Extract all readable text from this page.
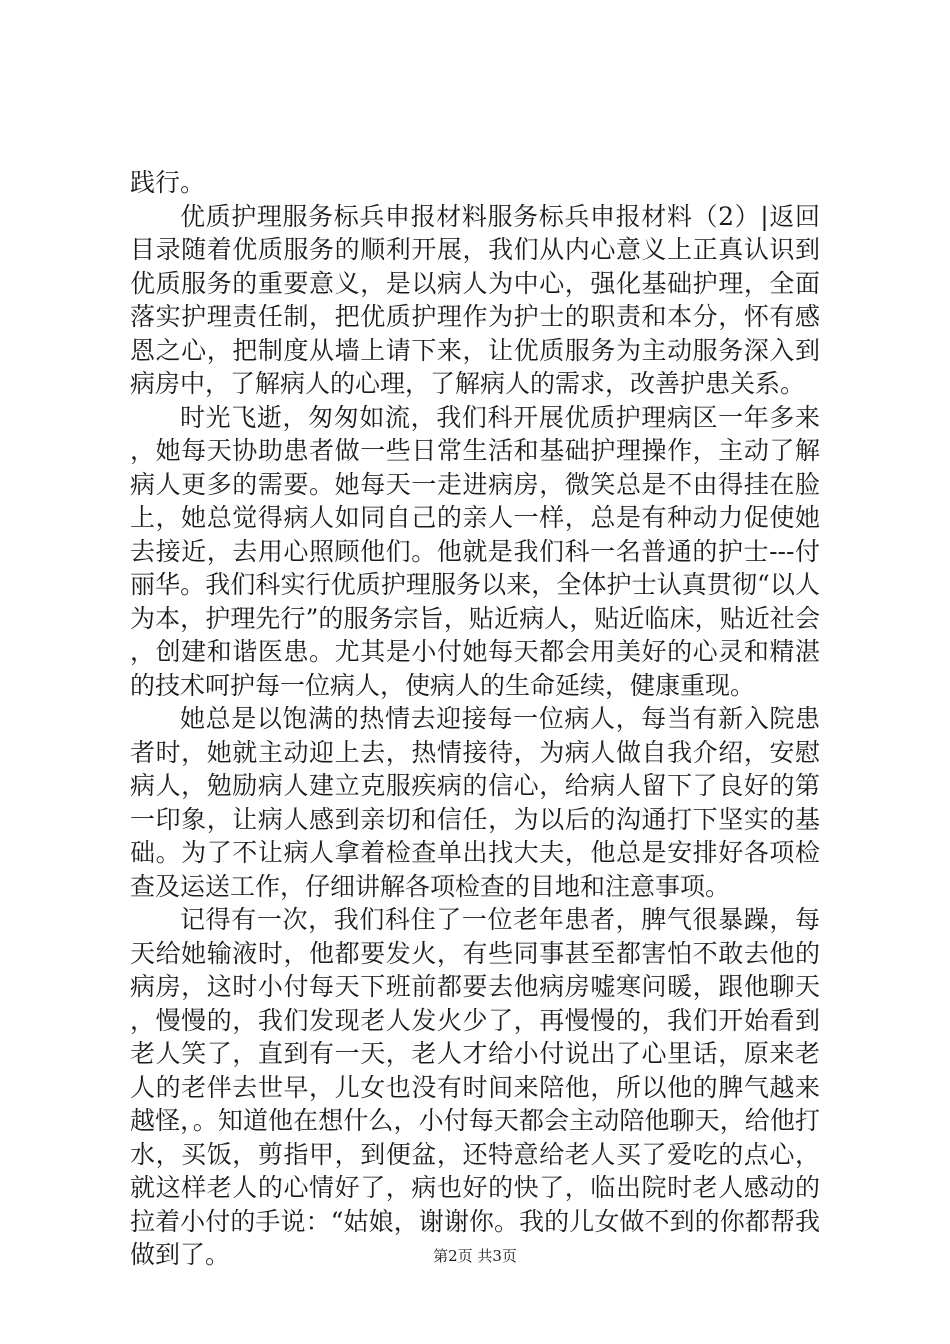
践行。

优质护理服务标兵申报材料服务标兵申报材料（2）|返回目录随着优质服务的顺利开展，我们从内心意义上正真认识到优质服务的重要意义，是以病人为中心，强化基础护理，全面落实护理责任制，把优质护理作为护士的职责和本分，怀有感恩之心，把制度从墙上请下来，让优质服务为主动服务深入到病房中，了解病人的心理，了解病人的需求，改善护患关系。

时光飞逝，匆匆如流，我们科开展优质护理病区一年多来，她每天协助患者做一些日常生活和基础护理操作，主动了解病人更多的需要。她每天一走进病房，微笑总是不由得挂在脸上，她总觉得病人如同自己的亲人一样，总是有种动力促使她去接近，去用心照顾他们。他就是我们科一名普通的护士---付丽华。我们科实行优质护理服务以来，全体护士认真贯彻“以人为本，护理先行”的服务宗旨，贴近病人，贴近临床，贴近社会，创建和谐医患。尤其是小付她每天都会用美好的心灵和精湛的技术呵护每一位病人，使病人的生命延续，健康重现。

她总是以饱满的热情去迎接每一位病人，每当有新入院患者时，她就主动迎上去，热情接待，为病人做自我介绍，安慰病人，勉励病人建立克服疾病的信心，给病人留下了良好的第一印象，让病人感到亲切和信任，为以后的沟通打下坚实的基础。为了不让病人拿着检查单出找大夫，他总是安排好各项检查及运送工作，仔细讲解各项检查的目地和注意事项。

记得有一次，我们科住了一位老年患者，脾气很暴躁，每天给她输液时，他都要发火，有些同事甚至都害怕不敢去他的病房，这时小付每天下班前都要去他病房嘘寒问暖，跟他聊天，慢慢的，我们发现老人发火少了，再慢慢的，我们开始看到老人笑了，直到有一天，老人才给小付说出了心里话，原来老人的老伴去世早，儿女也没有时间来陪他，所以他的脾气越来越怪，。知道他在想什么，小付每天都会主动陪他聊天，给他打水，买饭，剪指甲，到便盆，还特意给老人买了爱吃的点心，就这样老人的心情好了，病也好的快了，临出院时老人感动的拉着小付的手说：“姑娘，谢谢你。我的儿女做不到的你都帮我做到了。	第2页 共3页
